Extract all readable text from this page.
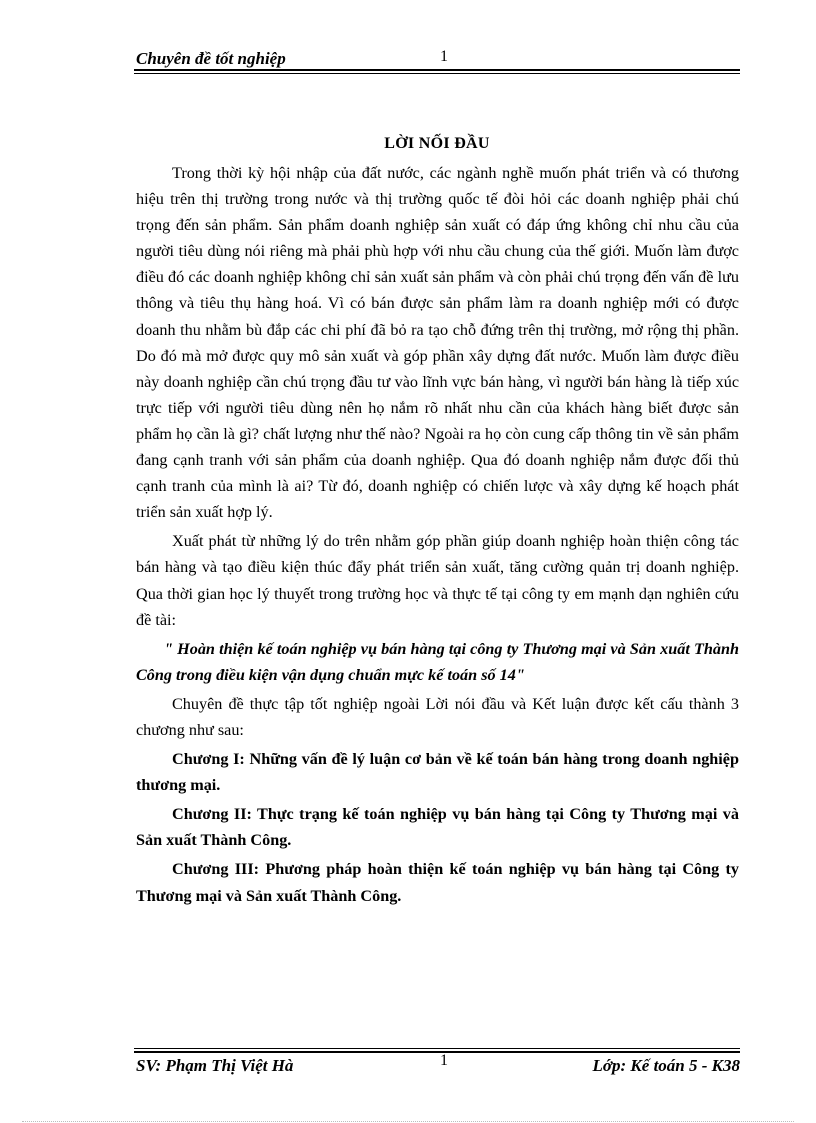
Chuyên đề tốt nghiệp	1
LỜI NỐI ĐẦU

Trong thời kỳ hội nhập của đất nước, các ngành nghề muốn phát triển và có thương hiệu trên thị trường trong nước và thị trường quốc tế đòi hỏi các doanh nghiệp phải chú trọng đến sản phẩm. Sản phẩm doanh nghiệp sản xuất có đáp ứng không chỉ nhu cầu của người tiêu dùng nói riêng mà phải phù hợp với nhu cầu chung của thế giới. Muốn làm được điều đó các doanh nghiệp không chỉ sản xuất sản phẩm và còn phải chú trọng đến vấn đề lưu thông và tiêu thụ hàng hoá. Vì có bán được sản phẩm làm ra doanh nghiệp mới có được doanh thu nhằm bù đắp các chi phí đã bỏ ra tạo chỗ đứng trên thị trường, mở rộng thị phần. Do đó mà mở được quy mô sản xuất và góp phần xây dựng đất nước. Muốn làm được điều này doanh nghiệp cần chú trọng đầu tư vào lĩnh vực bán hàng, vì người bán hàng là tiếp xúc trực tiếp với người tiêu dùng nên họ nắm rõ nhất nhu cần của khách hàng biết được sản phẩm họ cần là gì? chất lượng như thế nào? Ngoài ra họ còn cung cấp thông tin về sản phẩm đang cạnh tranh với sản phẩm của doanh nghiệp. Qua đó doanh nghiệp nắm được đối thủ cạnh tranh của mình là ai? Từ đó, doanh nghiệp có chiến lược và xây dựng kế hoạch phát triển sản xuất hợp lý.

Xuất phát từ những lý do trên nhằm góp phần giúp doanh nghiệp hoàn thiện công tác bán hàng và tạo điều kiện thúc đẩy phát triển sản xuất, tăng cường quản trị doanh nghiệp. Qua thời gian học lý thuyết trong trường học và thực tế tại công ty em mạnh dạn nghiên cứu đề tài:

" Hoàn thiện kế toán nghiệp vụ bán hàng tại công ty Thương mại và Sản xuất Thành Công trong điều kiện vận dụng chuẩn mực kế toán số 14"

Chuyên đề thực tập tốt nghiệp ngoài Lời nói đầu và Kết luận được kết cấu thành 3 chương như sau:

Chương I: Những vấn đề lý luận cơ bản về kế toán bán hàng trong doanh nghiệp thương mại.

Chương II: Thực trạng kế toán nghiệp vụ bán hàng tại Công ty Thương mại và Sản xuất Thành Công.

Chương III: Phương pháp hoàn thiện kế toán nghiệp vụ bán hàng tại Công ty Thương mại và Sản xuất Thành Công.

SV: Phạm Thị Việt Hà	1	Lớp: Kế toán 5 - K38
